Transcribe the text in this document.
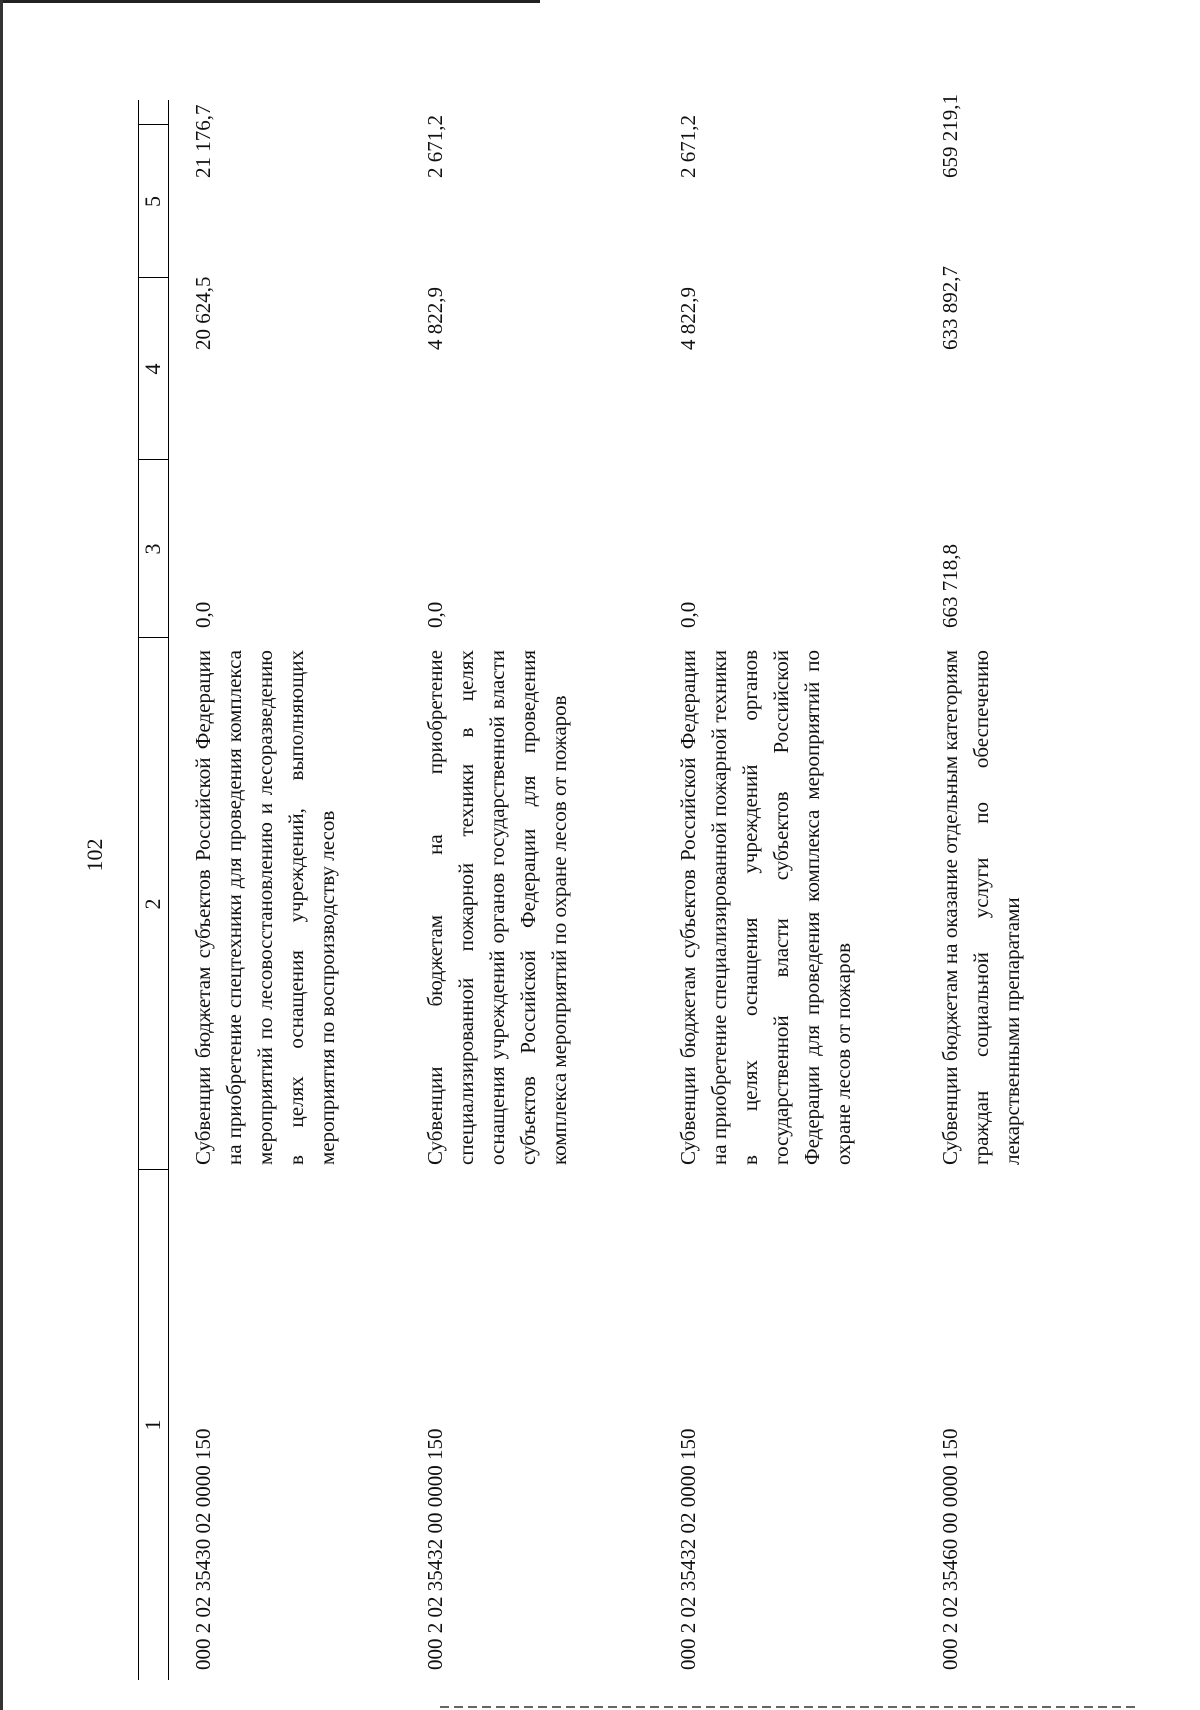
102
1
2
3
4
5
000 2 02 35430 02 0000 150
Субвенции бюджетам субъектов Российской Федерации на приобретение спецтехники для проведения комплекса мероприятий по лесовосстановлению и лесоразведению в целях оснащения учреждений, выполняющих мероприятия по воспроизводству лесов
0,0
20 624,5
21 176,7
000 2 02 35432 00 0000 150
Субвенции бюджетам на приобретение специализированной пожарной техники в целях оснащения учреждений органов государственной власти субъектов Российской Федерации для проведения комплекса мероприятий по охране лесов от пожаров
0,0
4 822,9
2 671,2
000 2 02 35432 02 0000 150
Субвенции бюджетам субъектов Российской Федерации на приобретение специализированной пожарной техники в целях оснащения учреждений органов государственной власти субъектов Российской Федерации для проведения комплекса мероприятий по охране лесов от пожаров
0,0
4 822,9
2 671,2
000 2 02 35460 00 0000 150
Субвенции бюджетам на оказание отдельным категориям граждан социальной услуги по обеспечению лекарственными препаратами
663 718,8
633 892,7
659 219,1
